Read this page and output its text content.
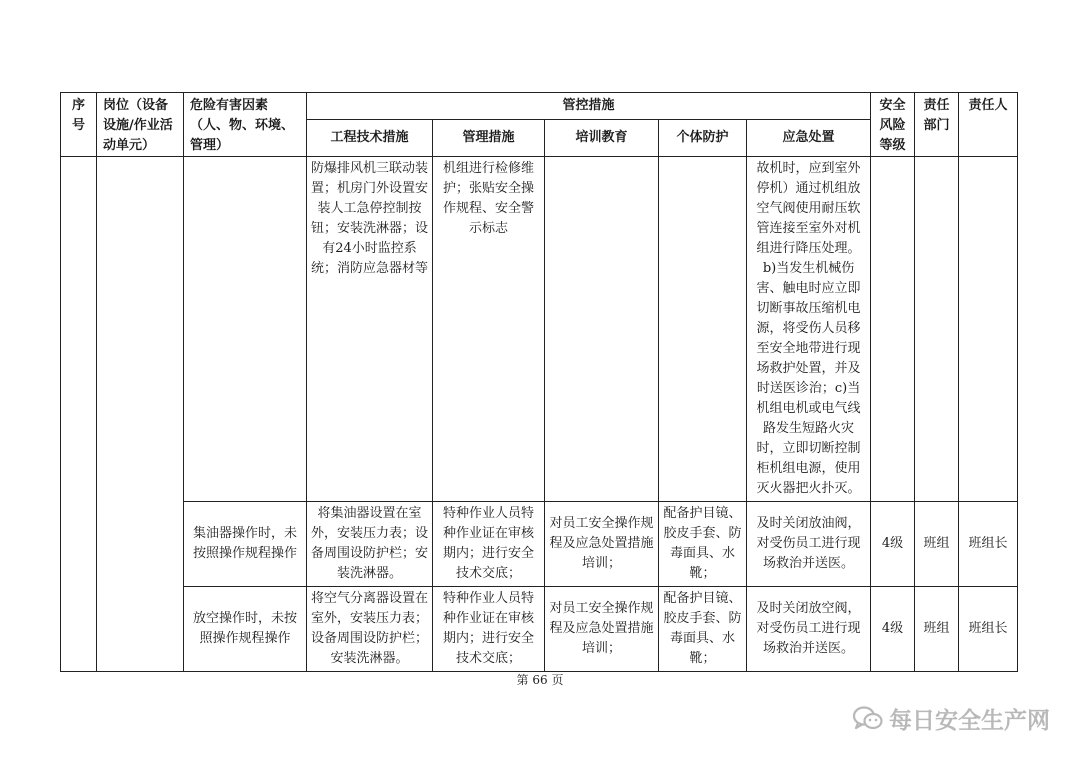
序号	岗位（设备设施/作业活动单元）	危险有害因素（人、物、环境、管理）	管控措施					安全风险等级	责任部门	责任人
			工程技术措施	管理措施	培训教育	个体防护	应急处置			

			防爆排风机三联动装置；机房门外设置安装人工急停控制按钮；安装洗淋器；设有24小时监控系统；消防应急器材等	机组进行检修维护；张贴安全操作规程、安全警示标志			故机时，应到室外停机）通过机组放空气阀使用耐压软管连接至室外对机组进行降压处理。b)当发生机械伤害、触电时应立即切断事故压缩机电源，将受伤人员移至安全地带进行现场救护处置，并及时送医诊治；c)当机组电机或电气线路发生短路火灾时，立即切断控制柜机组电源，使用灭火器把火扑灭。			

		集油器操作时，未按照操作规程操作	将集油器设置在室外，安装压力表；设备周围设防护栏；安装洗淋器。	特种作业人员特种作业证在审核期内；进行安全技术交底；	对员工安全操作规程及应急处置措施培训；	配备护目镜、胶皮手套、防毒面具、水靴；	及时关闭放油阀，对受伤员工进行现场救治并送医。	4级	班组	班组长

		放空操作时，未按照操作规程操作	将空气分离器设置在室外，安装压力表；设备周围设防护栏；安装洗淋器。	特种作业人员特种作业证在审核期内；进行安全技术交底；	对员工安全操作规程及应急处置措施培训；	配备护目镜、胶皮手套、防毒面具、水靴；	及时关闭放空阀，对受伤员工进行现场救治并送医。	4级	班组	班组长
第 66 页
每日安全生产网
